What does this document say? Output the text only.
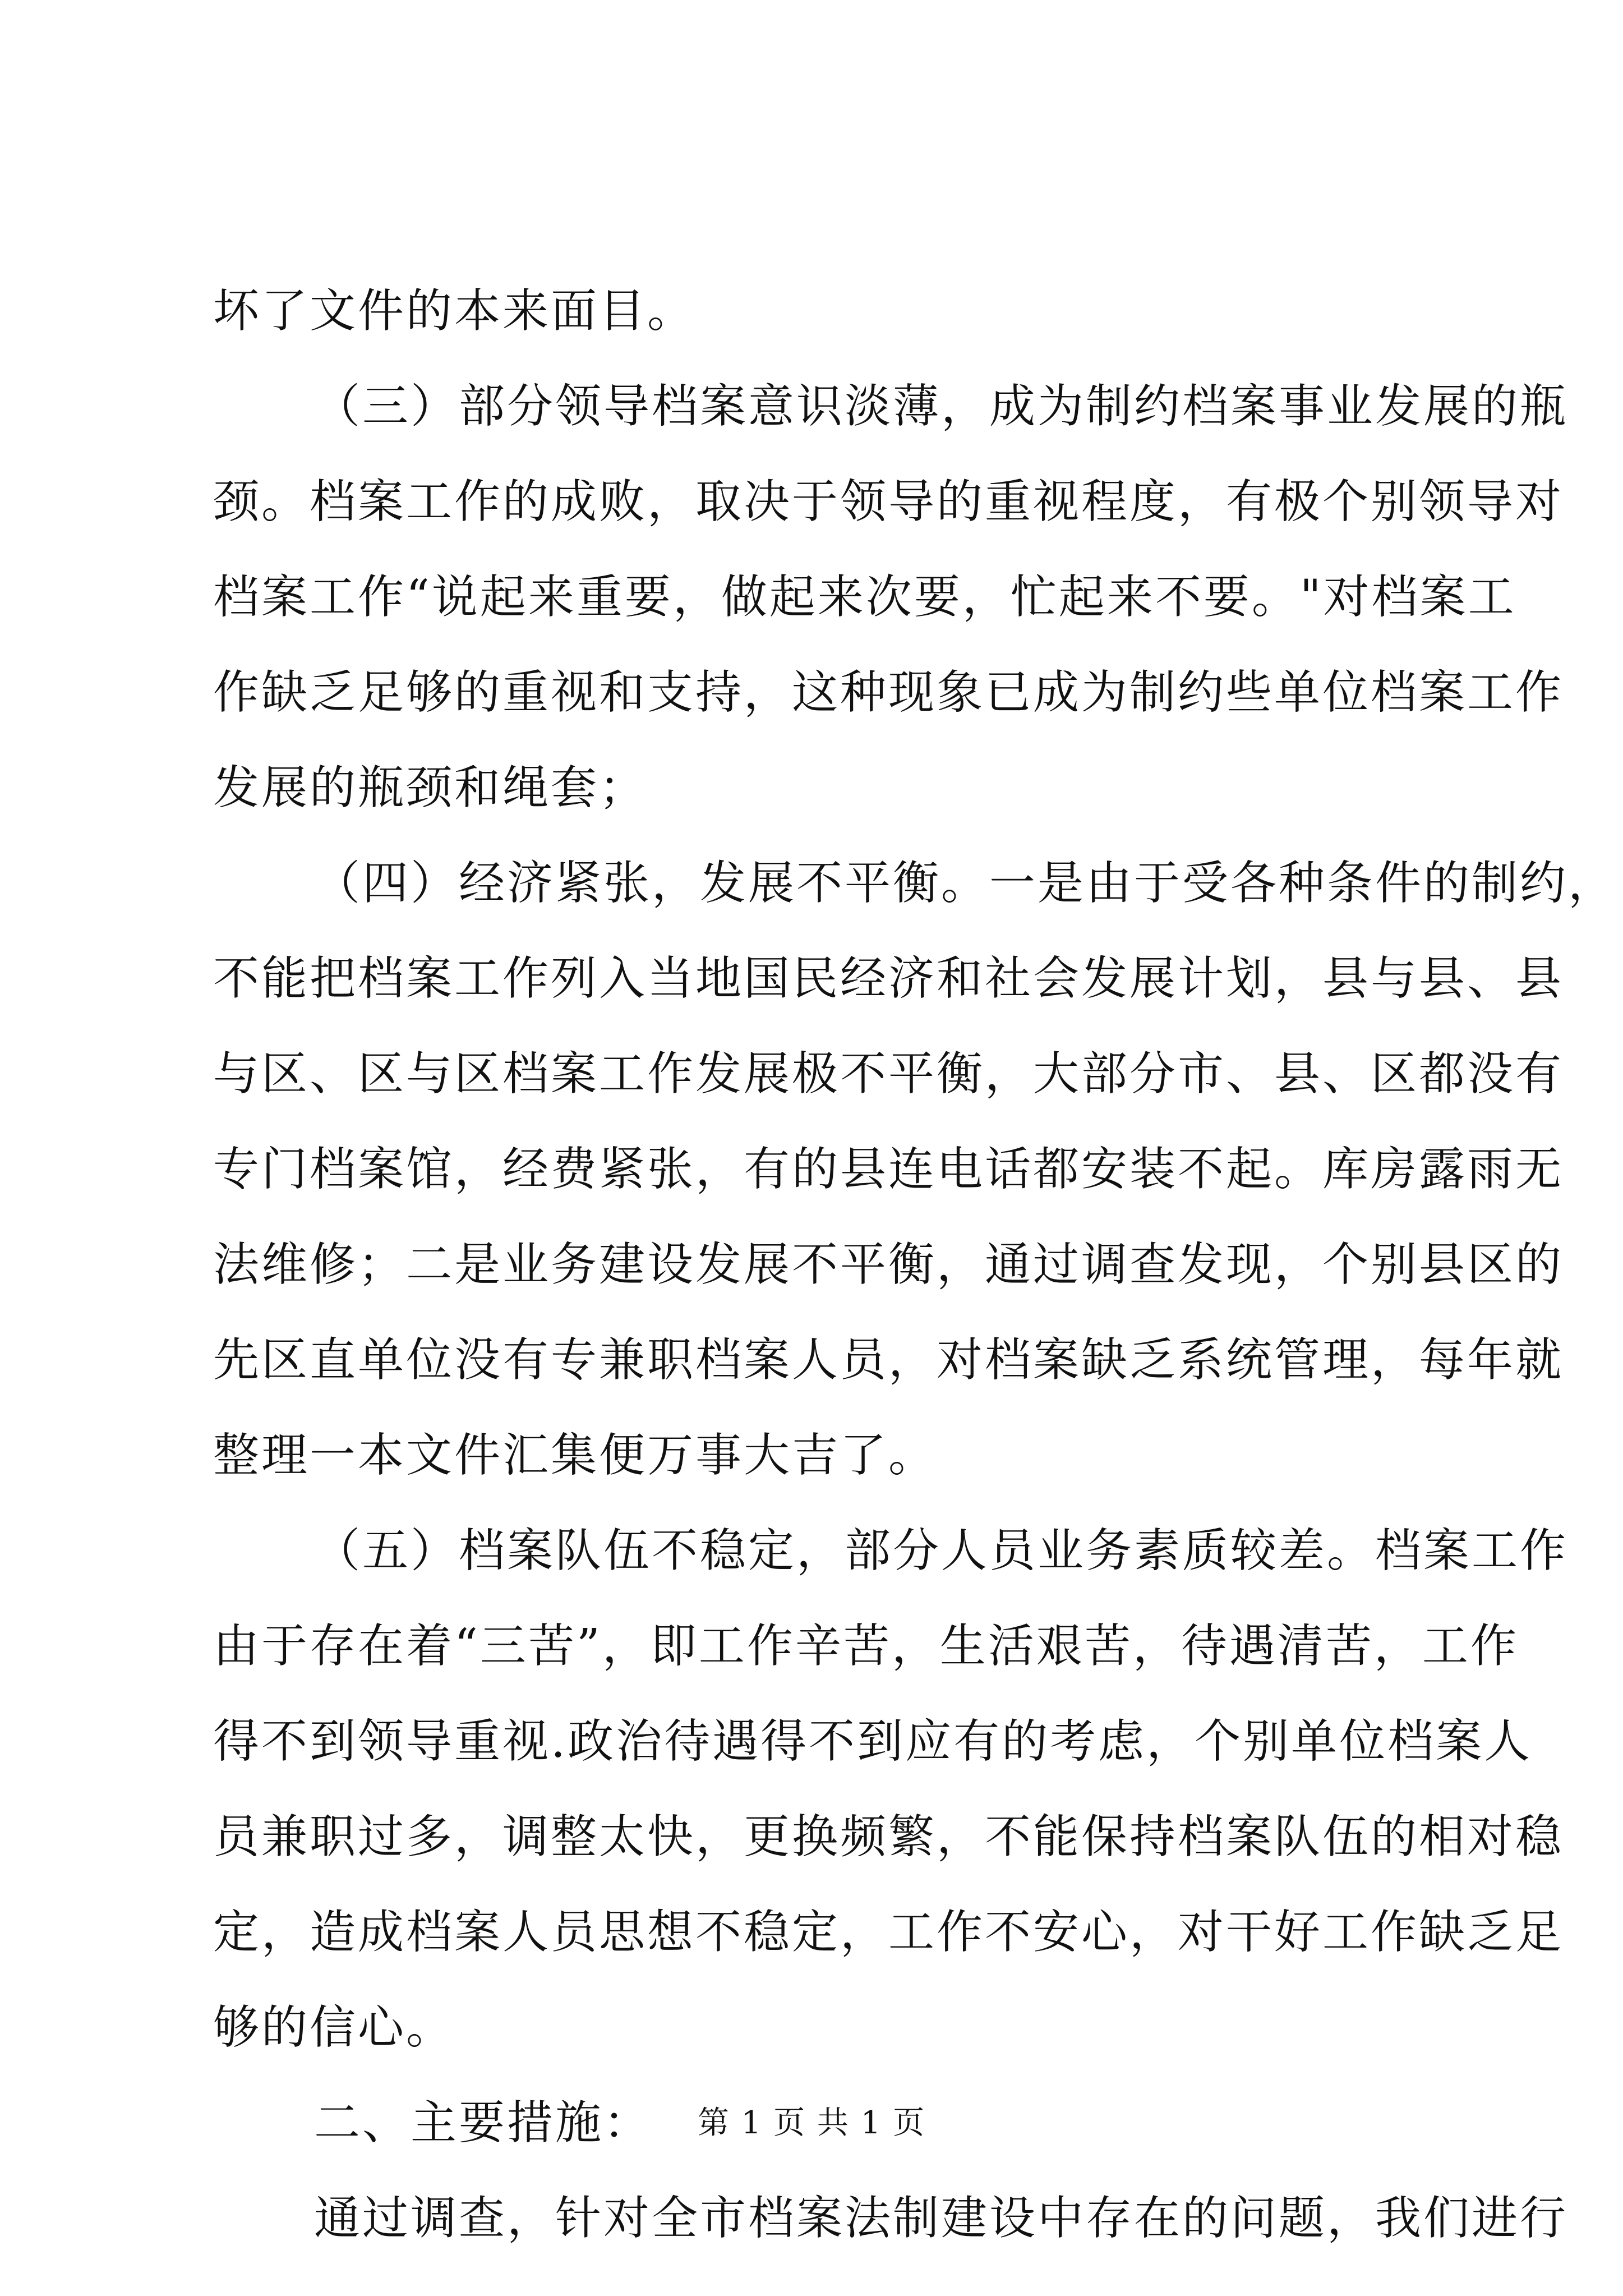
坏了文件的本来面目。
（三）部分领导档案意识淡薄，成为制约档案事业发展的瓶
颈。档案工作的成败，取决于领导的重视程度，有极个别领导对
档案工作“说起来重要，做起来次要，忙起来不要。"对档案工
作缺乏足够的重视和支持，这种现象已成为制约些单位档案工作
发展的瓶颈和绳套；
（四）经济紧张，发展不平衡。一是由于受各种条件的制约，
不能把档案工作列入当地国民经济和社会发展计划，县与县、县
与区、区与区档案工作发展极不平衡，大部分市、县、区都没有
专门档案馆，经费紧张，有的县连电话都安装不起。库房露雨无
法维修；二是业务建设发展不平衡，通过调查发现，个别县区的
先区直单位没有专兼职档案人员，对档案缺乏系统管理，每年就
整理一本文件汇集便万事大吉了。
（五）档案队伍不稳定，部分人员业务素质较差。档案工作
由于存在着“三苦”，即工作辛苦，生活艰苦，待遇清苦，工作
得不到领导重视.政治待遇得不到应有的考虑，个别单位档案人
员兼职过多，调整太快，更换频繁，不能保持档案队伍的相对稳
定，造成档案人员思想不稳定，工作不安心，对干好工作缺乏足
够的信心。
二、主要措施：
通过调查，针对全市档案法制建设中存在的问题，我们进行
第 1 页 共 1 页
